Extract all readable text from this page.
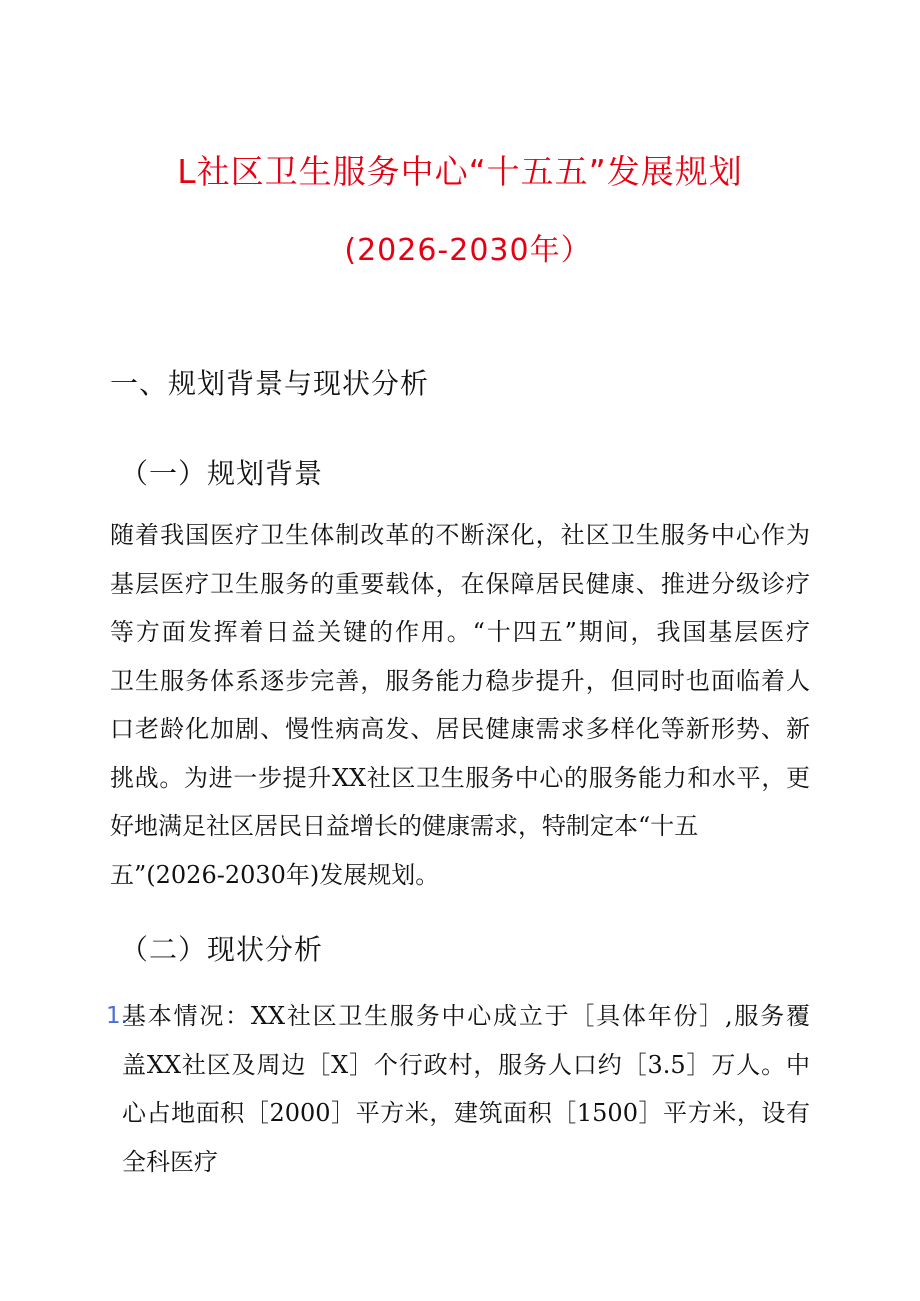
L社区卫生服务中心“十五五”发展规划
(2026-2030年）
一、规划背景与现状分析
（一）规划背景
随着我国医疗卫生体制改革的不断深化，社区卫生服务中心作为
基层医疗卫生服务的重要载体，在保障居民健康、推进分级诊疗
等方面发挥着日益关键的作用。“十四五”期间，我国基层医疗
卫生服务体系逐步完善，服务能力稳步提升，但同时也面临着人
口老龄化加剧、慢性病高发、居民健康需求多样化等新形势、新
挑战。为进一步提升XX社区卫生服务中心的服务能力和水平，更
好地满足社区居民日益增长的健康需求，特制定本“十五
五”(2026-2030年)发展规划。
（二）现状分析
1.
基本情况：XX社区卫生服务中心成立于［具体年份］,服务覆
盖XX社区及周边［X］个行政村，服务人口约［3.5］万人。中
心占地面积［2000］平方米，建筑面积［1500］平方米，设有
全科医疗
